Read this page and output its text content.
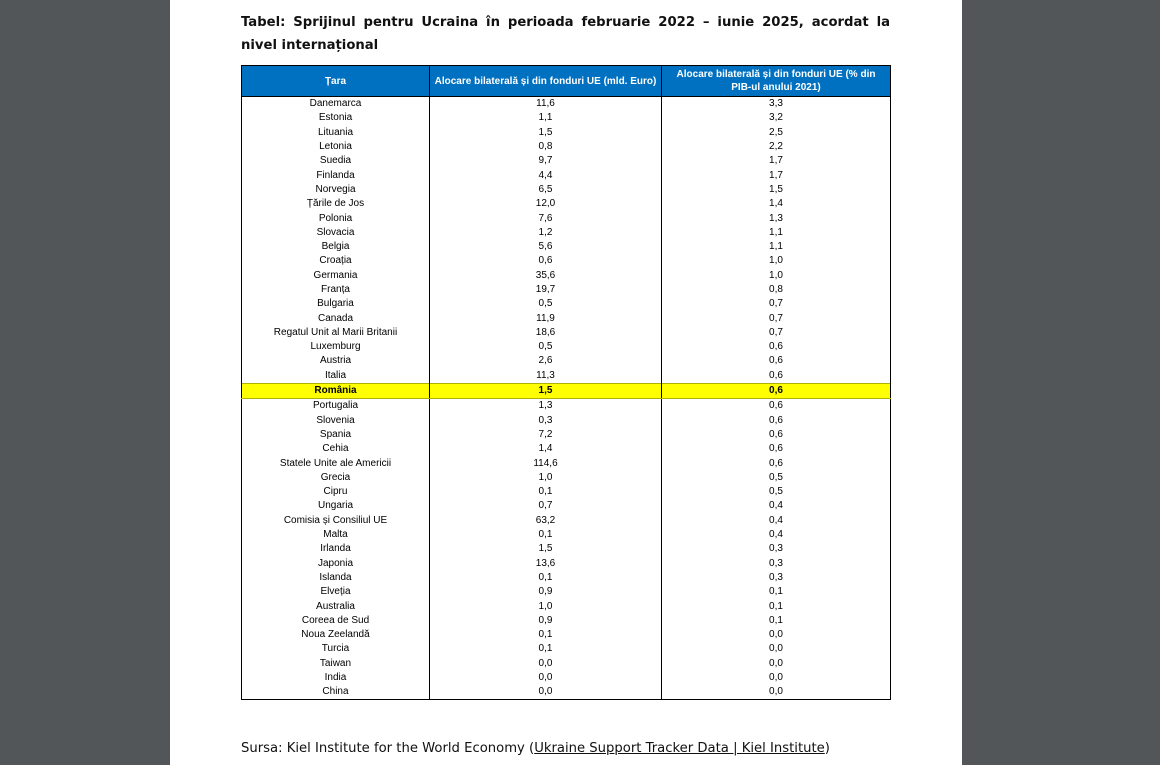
Tabel: Sprijinul pentru Ucraina în perioada februarie 2022 – iunie 2025, acordat la nivel internațional
Țara	Alocare bilaterală și din fonduri UE (mld. Euro)	Alocare bilaterală și din fonduri UE (% din PIB-ul anului 2021)
Danemarca	11,6	3,3
Estonia	1,1	3,2
Lituania	1,5	2,5
Letonia	0,8	2,2
Suedia	9,7	1,7
Finlanda	4,4	1,7
Norvegia	6,5	1,5
Țările de Jos	12,0	1,4
Polonia	7,6	1,3
Slovacia	1,2	1,1
Belgia	5,6	1,1
Croația	0,6	1,0
Germania	35,6	1,0
Franța	19,7	0,8
Bulgaria	0,5	0,7
Canada	11,9	0,7
Regatul Unit al Marii Britanii	18,6	0,7
Luxemburg	0,5	0,6
Austria	2,6	0,6
Italia	11,3	0,6
România	1,5	0,6
Portugalia	1,3	0,6
Slovenia	0,3	0,6
Spania	7,2	0,6
Cehia	1,4	0,6
Statele Unite ale Americii	114,6	0,6
Grecia	1,0	0,5
Cipru	0,1	0,5
Ungaria	0,7	0,4
Comisia și Consiliul UE	63,2	0,4
Malta	0,1	0,4
Irlanda	1,5	0,3
Japonia	13,6	0,3
Islanda	0,1	0,3
Elveția	0,9	0,1
Australia	1,0	0,1
Coreea de Sud	0,9	0,1
Noua Zeelandă	0,1	0,0
Turcia	0,1	0,0
Taiwan	0,0	0,0
India	0,0	0,0
China	0,0	0,0
Sursa: Kiel Institute for the World Economy (Ukraine Support Tracker Data | Kiel Institute)
